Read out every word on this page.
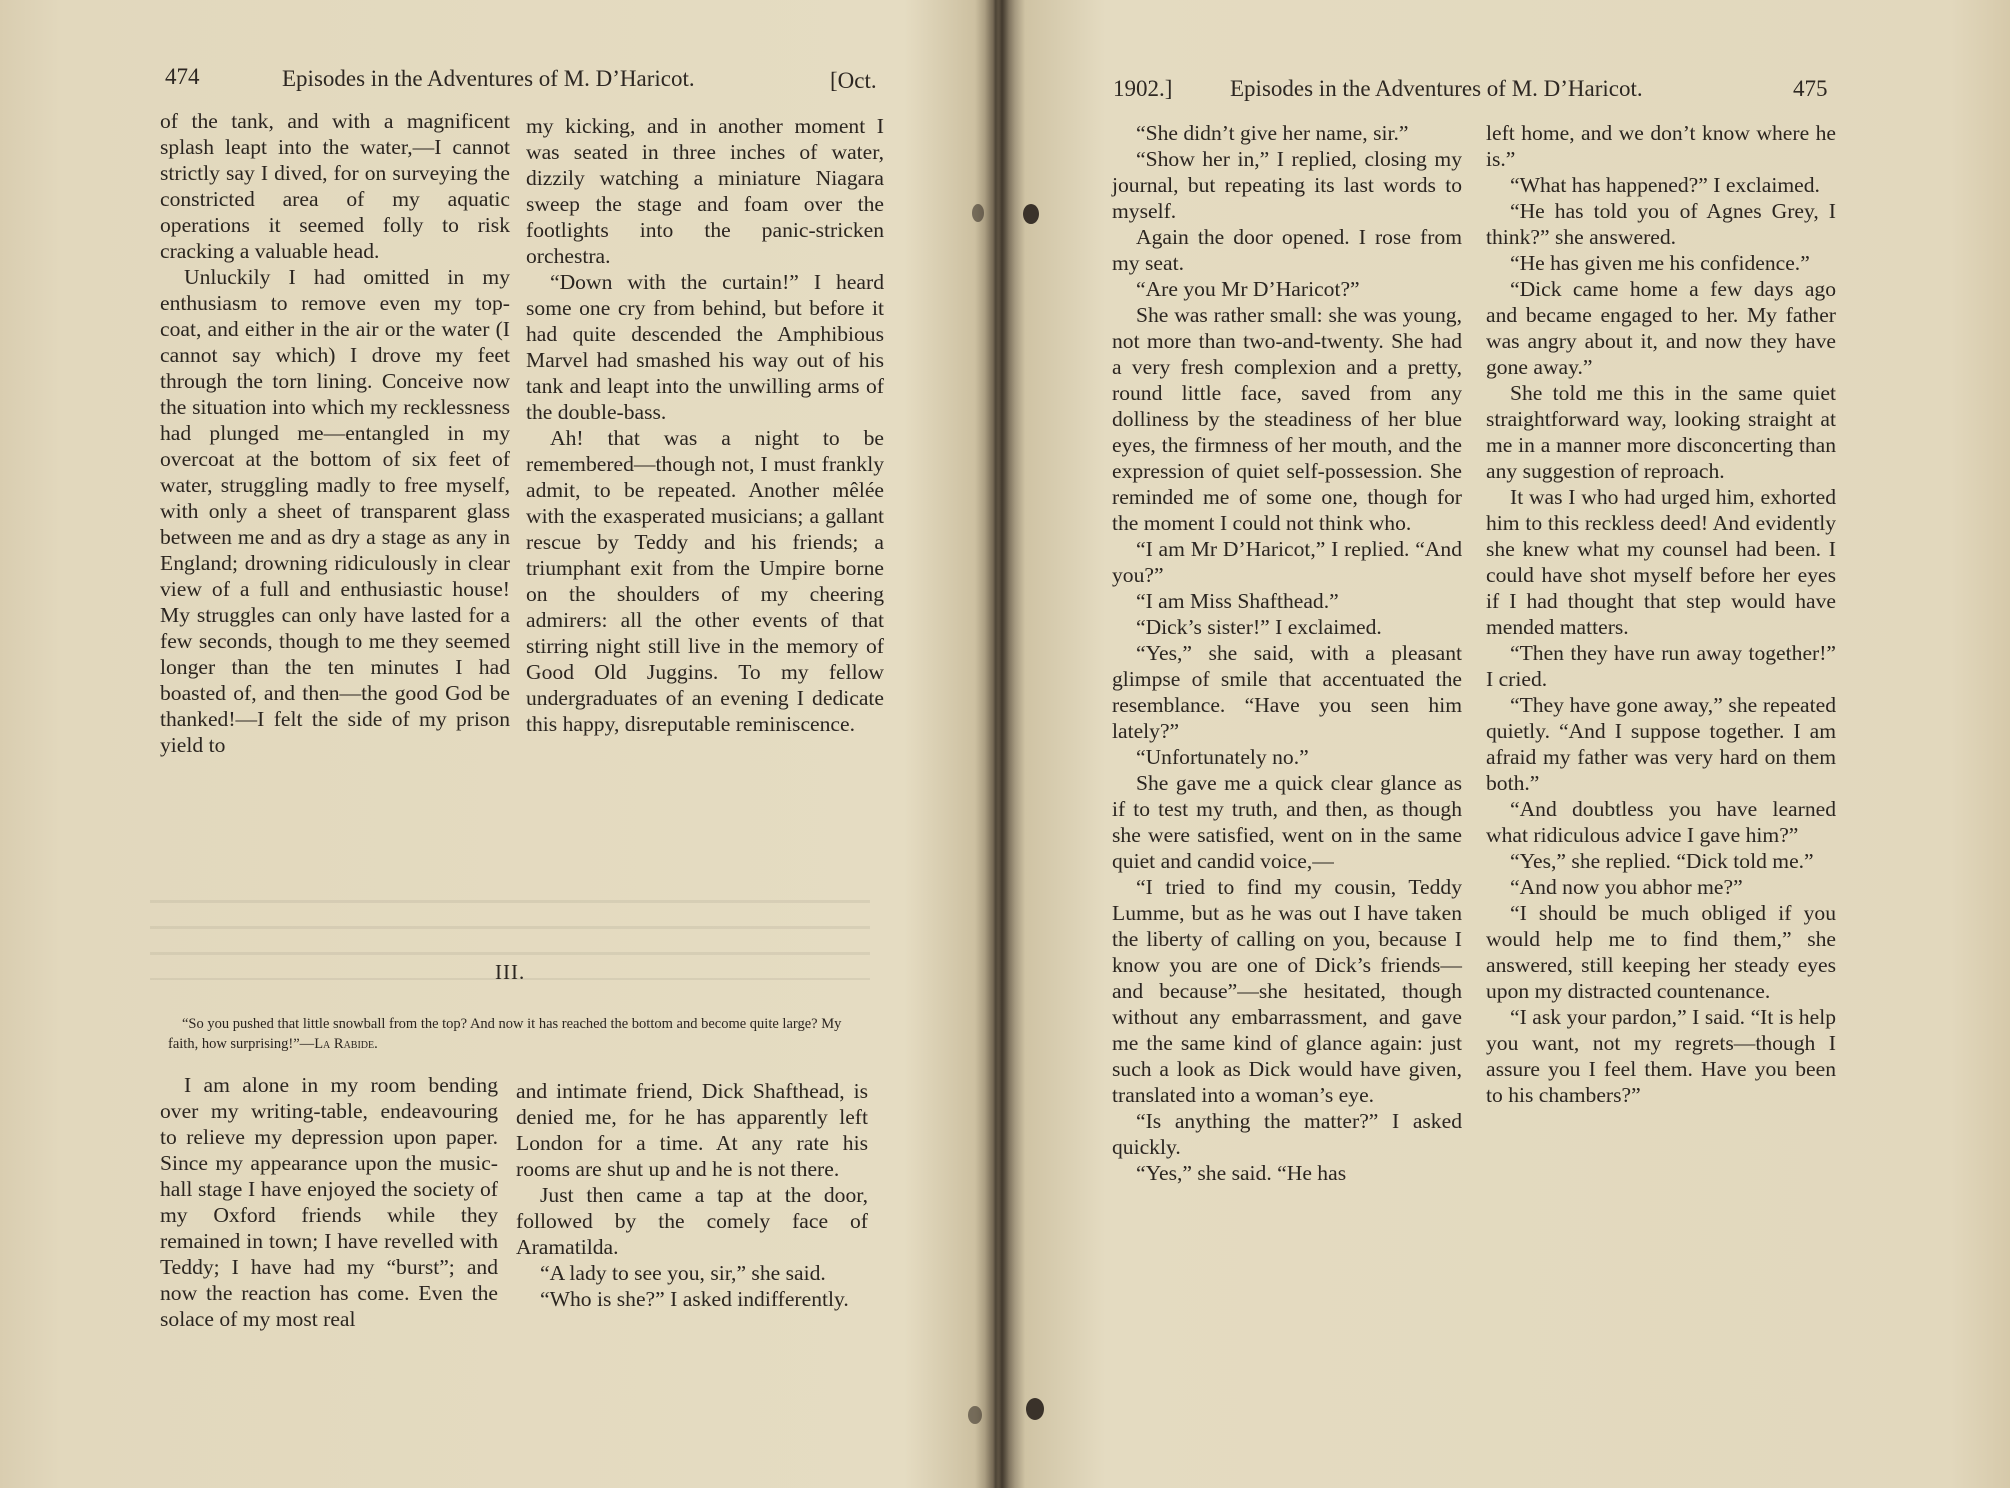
474	Episodes in the Adventures of M. D’Haricot.	[Oct.

of the tank, and with a magnificent splash leapt into the water,—I cannot strictly say I dived, for on surveying the constricted area of my aquatic operations it seemed folly to risk cracking a valuable head.

Unluckily I had omitted in my enthusiasm to remove even my top-coat, and either in the air or the water (I cannot say which) I drove my feet through the torn lining. Conceive now the situation into which my recklessness had plunged me—entangled in my overcoat at the bottom of six feet of water, struggling madly to free myself, with only a sheet of transparent glass between me and as dry a stage as any in England; drowning ridiculously in clear view of a full and enthusiastic house! My struggles can only have lasted for a few seconds, though to me they seemed longer than the ten minutes I had boasted of, and then—the good God be thanked!—I felt the side of my prison yield to

my kicking, and in another moment I was seated in three inches of water, dizzily watching a miniature Niagara sweep the stage and foam over the footlights into the panic-stricken orchestra.

“Down with the curtain!” I heard some one cry from behind, but before it had quite descended the Amphibious Marvel had smashed his way out of his tank and leapt into the unwilling arms of the double-bass.

Ah! that was a night to be remembered—though not, I must frankly admit, to be repeated. Another mêlée with the exasperated musicians; a gallant rescue by Teddy and his friends; a triumphant exit from the Umpire borne on the shoulders of my cheering admirers: all the other events of that stirring night still live in the memory of Good Old Juggins. To my fellow undergraduates of an evening I dedicate this happy, disreputable reminiscence.

III.
“So you pushed that little snowball from the top? And now it has reached the bottom and become quite large? My faith, how surprising!”—La Rabide.

I am alone in my room bending over my writing-table, endeavouring to relieve my depression upon paper. Since my appearance upon the music-hall stage I have enjoyed the society of my Oxford friends while they remained in town; I have revelled with Teddy; I have had my “burst”; and now the reaction has come. Even the solace of my most real

and intimate friend, Dick Shafthead, is denied me, for he has apparently left London for a time. At any rate his rooms are shut up and he is not there.

Just then came a tap at the door, followed by the comely face of Aramatilda.

“A lady to see you, sir,” she said.

“Who is she?” I asked indifferently.

1902.]	Episodes in the Adventures of M. D’Haricot.	475

“She didn’t give her name, sir.”

“Show her in,” I replied, closing my journal, but repeating its last words to myself.

Again the door opened. I rose from my seat.

“Are you Mr D’Haricot?”

She was rather small: she was young, not more than two-and-twenty. She had a very fresh complexion and a pretty, round little face, saved from any dolliness by the steadiness of her blue eyes, the firmness of her mouth, and the expression of quiet self-possession. She reminded me of some one, though for the moment I could not think who.

“I am Mr D’Haricot,” I replied. “And you?”

“I am Miss Shafthead.”

“Dick’s sister!” I exclaimed.

“Yes,” she said, with a pleasant glimpse of smile that accentuated the resemblance. “Have you seen him lately?”

“Unfortunately no.”

She gave me a quick clear glance as if to test my truth, and then, as though she were satisfied, went on in the same quiet and candid voice,—

“I tried to find my cousin, Teddy Lumme, but as he was out I have taken the liberty of calling on you, because I know you are one of Dick’s friends—and because”—she hesitated, though without any embarrassment, and gave me the same kind of glance again: just such a look as Dick would have given, translated into a woman’s eye.

“Is anything the matter?” I asked quickly.

“Yes,” she said. “He has

left home, and we don’t know where he is.”

“What has happened?” I exclaimed.

“He has told you of Agnes Grey, I think?” she answered.

“He has given me his confidence.”

“Dick came home a few days ago and became engaged to her. My father was angry about it, and now they have gone away.”

She told me this in the same quiet straightforward way, looking straight at me in a manner more disconcerting than any suggestion of reproach.

It was I who had urged him, exhorted him to this reckless deed! And evidently she knew what my counsel had been. I could have shot myself before her eyes if I had thought that step would have mended matters.

“Then they have run away together!” I cried.

“They have gone away,” she repeated quietly. “And I suppose together. I am afraid my father was very hard on them both.”

“And doubtless you have learned what ridiculous advice I gave him?”

“Yes,” she replied. “Dick told me.”

“And now you abhor me?”

“I should be much obliged if you would help me to find them,” she answered, still keeping her steady eyes upon my distracted countenance.

“I ask your pardon,” I said. “It is help you want, not my regrets—though I assure you I feel them. Have you been to his chambers?”
